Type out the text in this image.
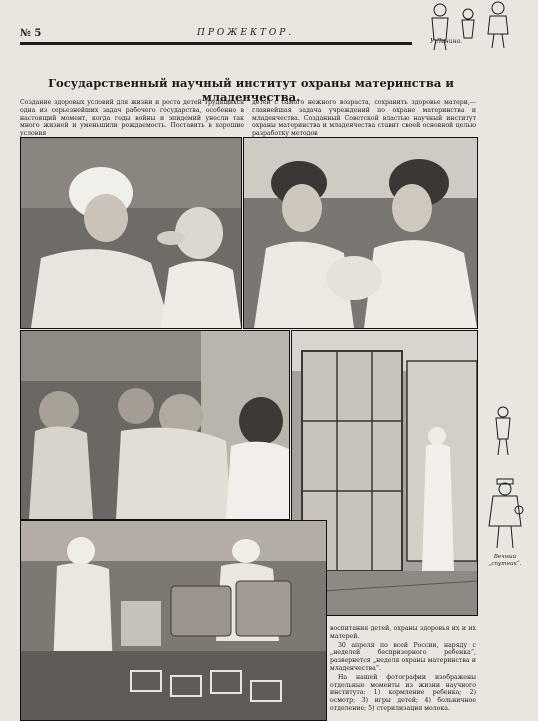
№ 5	ПРОЖЕКТОР.
У Ленина.
Государственный научный институт охраны материнства и младенчества.
Создание здоровых условий для жизни и роста детей трудящихся одна из серьезнейших задач рабочего государства, особенно в настоящий момент, когда годы войны и эпидемий унесли так много жизней и уменьшили рождаемость. Поставить в хорошие условия
детей с самого нежного возраста, сохранить здоровье матери,—главнейшая задача учреждений по охране материнства и младенчества. Созданный Советской властью научный институт охраны материнства и младенчества ставит своей основной целью разработку методов

воспитания детей, охраны здоровья их и их матерей.

30 апреля по всей России, наряду с „неделей беспризорного ребенка“, развернется „неделя охраны материнства и младенчества“.

На нашей фотографии изображены отдельные моменты из жизни научного института: 1) кормление ребенка; 2) осмотр; 3) игры детей; 4) больничное отделение; 5) стерилизация молока.

Вечный „спутник“.
